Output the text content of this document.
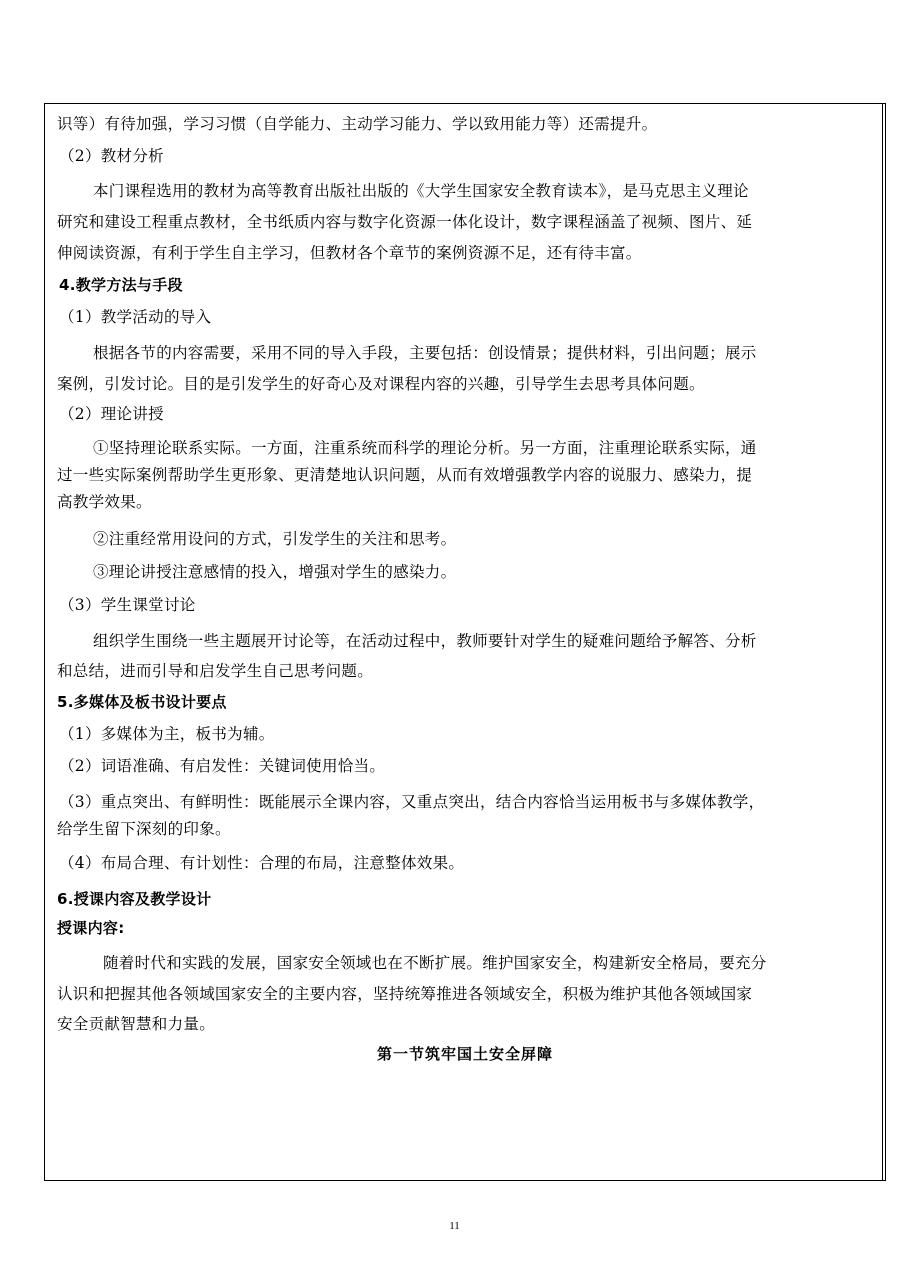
识等）有待加强，学习习惯（自学能力、主动学习能力、学以致用能力等）还需提升。
（2）教材分析
本门课程选用的教材为高等教育出版社出版的《大学生国家安全教育读本》，是马克思主义理论
研究和建设工程重点教材，全书纸质内容与数字化资源一体化设计，数字课程涵盖了视频、图片、延
伸阅读资源，有利于学生自主学习，但教材各个章节的案例资源不足，还有待丰富。
4.教学方法与手段
（1）教学活动的导入
根据各节的内容需要，采用不同的导入手段，主要包括：创设情景；提供材料，引出问题；展示
案例，引发讨论。目的是引发学生的好奇心及对课程内容的兴趣，引导学生去思考具体问题。
（2）理论讲授
①坚持理论联系实际。一方面，注重系统而科学的理论分析。另一方面，注重理论联系实际，通
过一些实际案例帮助学生更形象、更清楚地认识问题，从而有效增强教学内容的说服力、感染力，提
高教学效果。
②注重经常用设问的方式，引发学生的关注和思考。
③理论讲授注意感情的投入，增强对学生的感染力。
（3）学生课堂讨论
组织学生围绕一些主题展开讨论等，在活动过程中，教师要针对学生的疑难问题给予解答、分析
和总结，进而引导和启发学生自己思考问题。
5.多媒体及板书设计要点
（1）多媒体为主，板书为辅。
（2）词语准确、有启发性：关键词使用恰当。
（3）重点突出、有鲜明性：既能展示全课内容，又重点突出，结合内容恰当运用板书与多媒体教学，
给学生留下深刻的印象。
（4）布局合理、有计划性：合理的布局，注意整体效果。
6.授课内容及教学设计
授课内容:
随着时代和实践的发展，国家安全领域也在不断扩展。维护国家安全，构建新安全格局，要充分
认识和把握其他各领域国家安全的主要内容，坚持统筹推进各领域安全，积极为维护其他各领域国家
安全贡献智慧和力量。
第一节筑牢国土安全屏障
11
